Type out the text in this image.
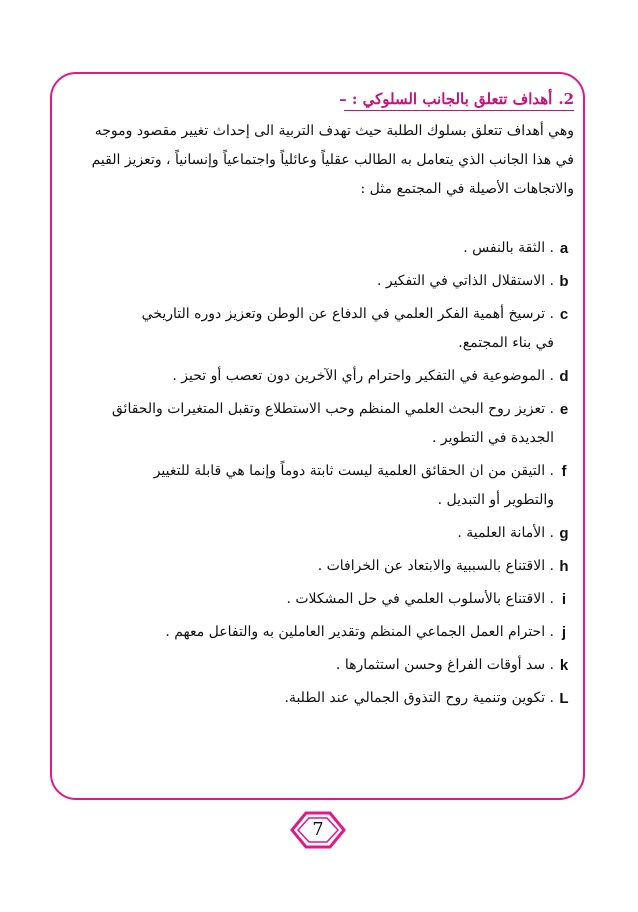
2.
أهداف تتعلق بالجانب السلوكي : –

وهي أهداف تتعلق بسلوك الطلبة حيث تهدف التربية الى إحداث تغيير مقصود وموجه

في هذا الجانب الذي يتعامل به الطالب عقلياً وعائلياً واجتماعياً وإنسانياً ، وتعزيز القيم

والاتجاهات الأصيلة في المجتمع مثل :

a
. الثقة بالنفس .
b
. الاستقلال الذاتي في التفكير .
c
. ترسيخ أهمية الفكر العلمي في الدفاع عن الوطن وتعزيز دوره التاريخي
في بناء المجتمع.
d
. الموضوعية في التفكير واحترام رأي الآخرين دون تعصب أو تحيز .
e
. تعزيز روح البحث العلمي المنظم وحب الاستطلاع وتقبل المتغيرات والحقائق
الجديدة في التطوير .
f
. التيقن من ان الحقائق العلمية ليست ثابتة دوماً وإنما هي قابلة للتغيير
والتطوير أو التبديل .
g
. الأمانة العلمية .
h
. الاقتناع بالسببية والابتعاد عن الخرافات .
i
. الاقتناع بالأسلوب العلمي في حل المشكلات .
j
. احترام العمل الجماعي المنظم وتقدير العاملين به والتفاعل معهم .
k
. سد أوقات الفراغ وحسن استثمارها .
L
. تكوين وتنمية روح التذوق الجمالي عند الطلبة.
7
